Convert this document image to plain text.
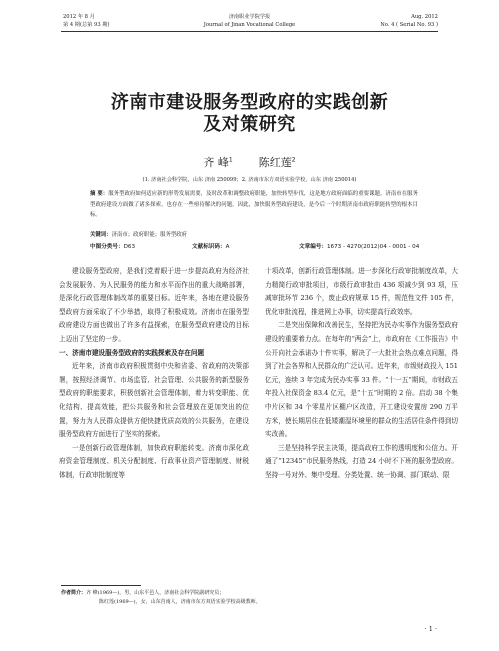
2012 年 8 月
第 4 期(总第 93 期)
济南职业学院学报
Journal of Jinan Vocational College
Aug. 2012
No. 4 ( Serial No. 93 )
济南市建设服务型政府的实践创新
及对策研究
齐 峰$^1$ 陈红莲$^2$
(1. 济南社会科学院，山东 济南 250099；2. 济南市东方双语实验学校，山东 济南 250014)
摘 要：服务型政府如何适应新的形势发展需要，及时改革和调整政府职能，加快转型步伐，这是地方政府面临的重要课题。济南市在服务型政府建设方面做了诸多探索，也存在一些亟待解决的问题。因此，加快服务型政府建设，是今后一个时期济南市政府职能转型的根本目标。
关键词：济南市；政府职能；服务型政府
中图分类号：D63	文献标识码：A	文章编号：1673 - 4270(2012)04 - 0001 - 04

建设服务型政府，是我们党着眼于进一步提高政府为经济社会发展服务、为人民服务的能力和水平而作出的重大战略部署，是深化行政管理体制改革的重要目标。近年来，各地在建设服务型政府方面采取了不少举措，取得了积极成效。济南市在服务型政府建设方面也做出了许多有益探索，在服务型政府建设的目标上迈出了坚定的一步。

一、济南市建设服务型政府的实践探索及存在问题

近年来，济南市政府积极贯彻中央和省委、省政府的决策部署，按照经济调节、市场监管、社会管理、公共服务的新型服务型政府的职能要求，积极创新社会管理体制，着力转变职能、优化结构、提高效能，把公共服务和社会管理放在更加突出的位置，努力为人民群众提供方便快捷优质高效的公共服务，在建设服务型政府方面进行了坚实的探索。

一是创新行政管理体制，加快政府职能转变。济南市深化政府资金管理制度、机关分配制度、行政事业资产管理制度、财税体制，行政审批制度等

十项改革，创新行政管理体制。进一步深化行政审批制度改革，大力精简行政审批项目，市级行政审批由 436 项减少到 93 项，压减审批环节 236 个，废止政府规章 15 件，规范性文件 105 件，优化审批流程，推进网上办事，切实提高行政效率。

二是突出保障和改善民生，坚持把为民办实事作为服务型政府建设的重要着力点。在每年的“两会”上，市政府在《工作报告》中公开向社会承诺办十件实事，解决了一大批社会热点难点问题，得到了社会各界和人民群众的广泛认可。近年来，市级财政投入 151 亿元，连续 3 年完成为民办实事 33 件。“十一五”期间，市财政五年投入社保资金 83.4 亿元，是“十五”时期的 2 倍。启动 38 个集中片区和 34 个零星片区棚户区改造，开工建设安置房 290 万平方米，使长期居住在低矮潮湿环境里的群众的生活居住条件得到切实改善。

三是坚持科学民主决策，提高政府工作的透明度和公信力。开通了“12345”市民服务热线，打造 24 小时不下班的服务型政府。坚持一号对外、集中受理、分类处置、统一协调、部门联动、限

作者简介：齐 峰(1969—)，男，山东平邑人，济南社会科学院副研究员；
陈红莲(1969—)，女，山东莒南人，济南市东方双语实验学校高级教师。
· 1 ·
